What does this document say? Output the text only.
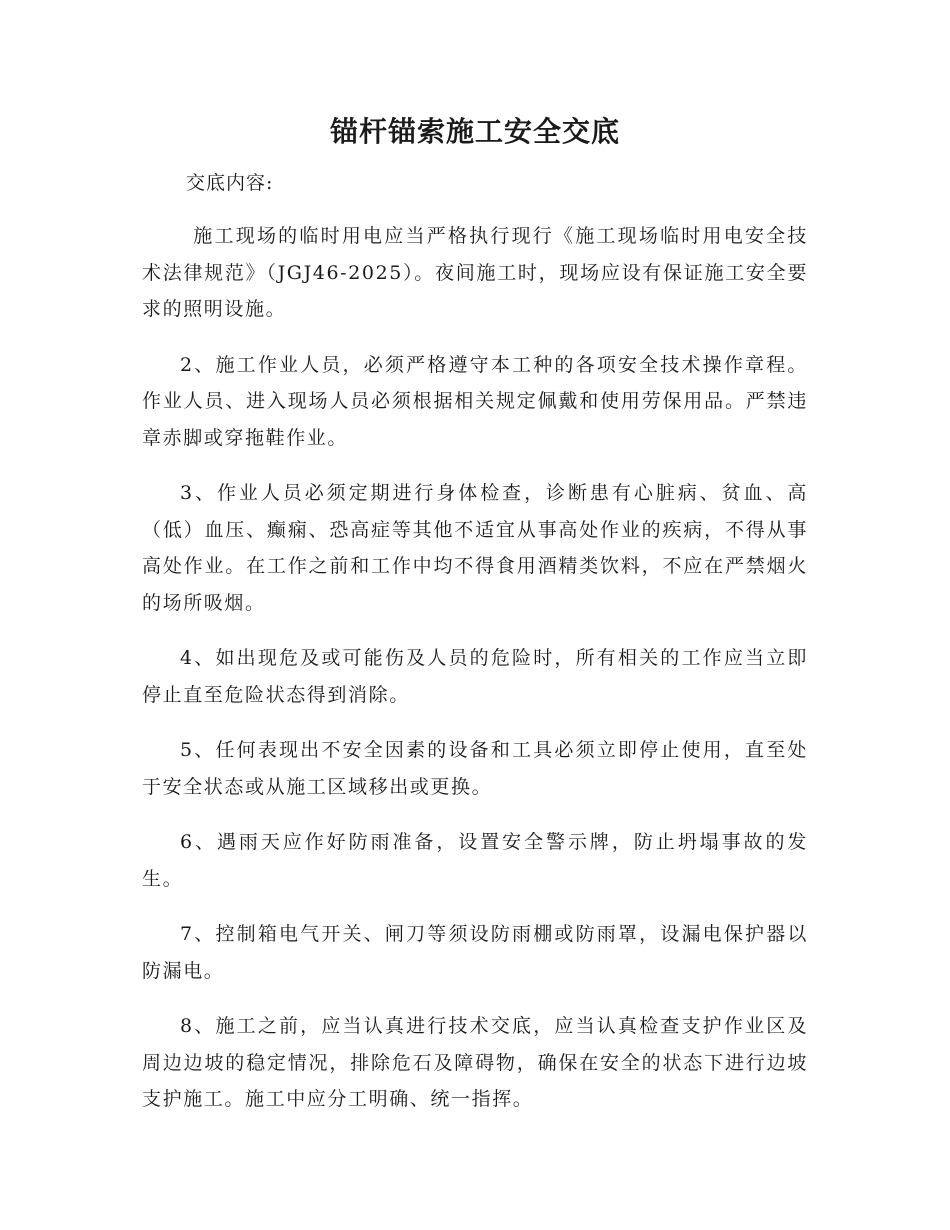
锚杆锚索施工安全交底

交底内容:

施工现场的临时用电应当严格执行现行《施工现场临时用电安全技术法律规范》（JGJ46-2025）。夜间施工时，现场应设有保证施工安全要求的照明设施。

2、施工作业人员，必须严格遵守本工种的各项安全技术操作章程。作业人员、进入现场人员必须根据相关规定佩戴和使用劳保用品。严禁违章赤脚或穿拖鞋作业。

3、作业人员必须定期进行身体检查，诊断患有心脏病、贫血、高（低）血压、癫痫、恐高症等其他不适宜从事高处作业的疾病，不得从事高处作业。在工作之前和工作中均不得食用酒精类饮料，不应在严禁烟火的场所吸烟。

4、如出现危及或可能伤及人员的危险时，所有相关的工作应当立即停止直至危险状态得到消除。

5、任何表现出不安全因素的设备和工具必须立即停止使用，直至处于安全状态或从施工区域移出或更换。

6、遇雨天应作好防雨准备，设置安全警示牌，防止坍塌事故的发生。

7、控制箱电气开关、闸刀等须设防雨棚或防雨罩，设漏电保护器以防漏电。

8、施工之前，应当认真进行技术交底，应当认真检查支护作业区及周边边坡的稳定情况，排除危石及障碍物，确保在安全的状态下进行边坡支护施工。施工中应分工明确、统一指挥。
